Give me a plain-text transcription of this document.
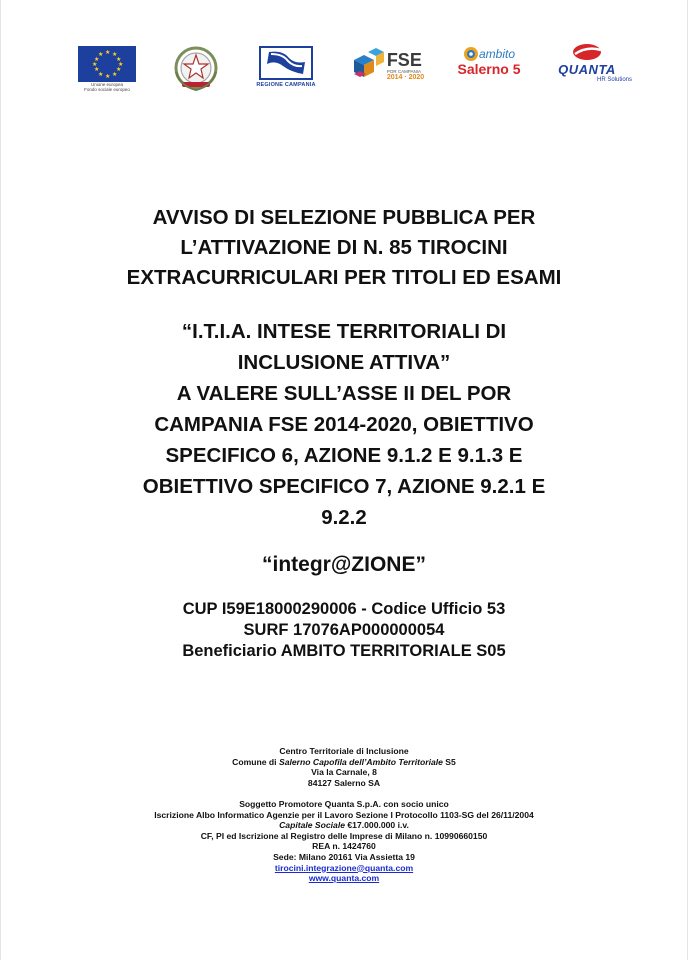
★ ★
★
★
★
★
★
★
★
★
★
★
Unione europea
Fondo sociale europeo
REGIONE CAMPANIA
FSE
POR CAMPANIA
2014 · 2020
ambito
Salerno 5	QUANTA
HR Solutions
AVVISO DI SELEZIONE PUBBLICA PER
L’ATTIVAZIONE DI N. 85 TIROCINI
EXTRACURRICULARI PER TITOLI ED ESAMI
“I.T.I.A. INTESE TERRITORIALI DI
INCLUSIONE ATTIVA”
A VALERE SULL’ASSE II DEL POR
CAMPANIA FSE 2014-2020, OBIETTIVO
SPECIFICO 6, AZIONE 9.1.2 E 9.1.3 E
OBIETTIVO SPECIFICO 7, AZIONE 9.2.1 E
9.2.2
“integr@ZIONE”
CUP I59E18000290006 - Codice Ufficio 53
SURF 17076AP000000054
Beneficiario AMBITO TERRITORIALE S05
Centro Territoriale di Inclusione
Comune di Salerno Capofila dell’Ambito Territoriale S5
Via la Carnale, 8
84127 Salerno SA
Soggetto Promotore Quanta S.p.A. con socio unico
Iscrizione Albo Informatico Agenzie per il Lavoro Sezione I Protocollo 1103-SG del 26/11/2004
Capitale Sociale €17.000.000 i.v.
CF, PI ed Iscrizione al Registro delle Imprese di Milano n. 10990660150
REA n. 1424760
Sede: Milano 20161 Via Assietta 19
tirocini.integrazione@quanta.com
www.quanta.com
